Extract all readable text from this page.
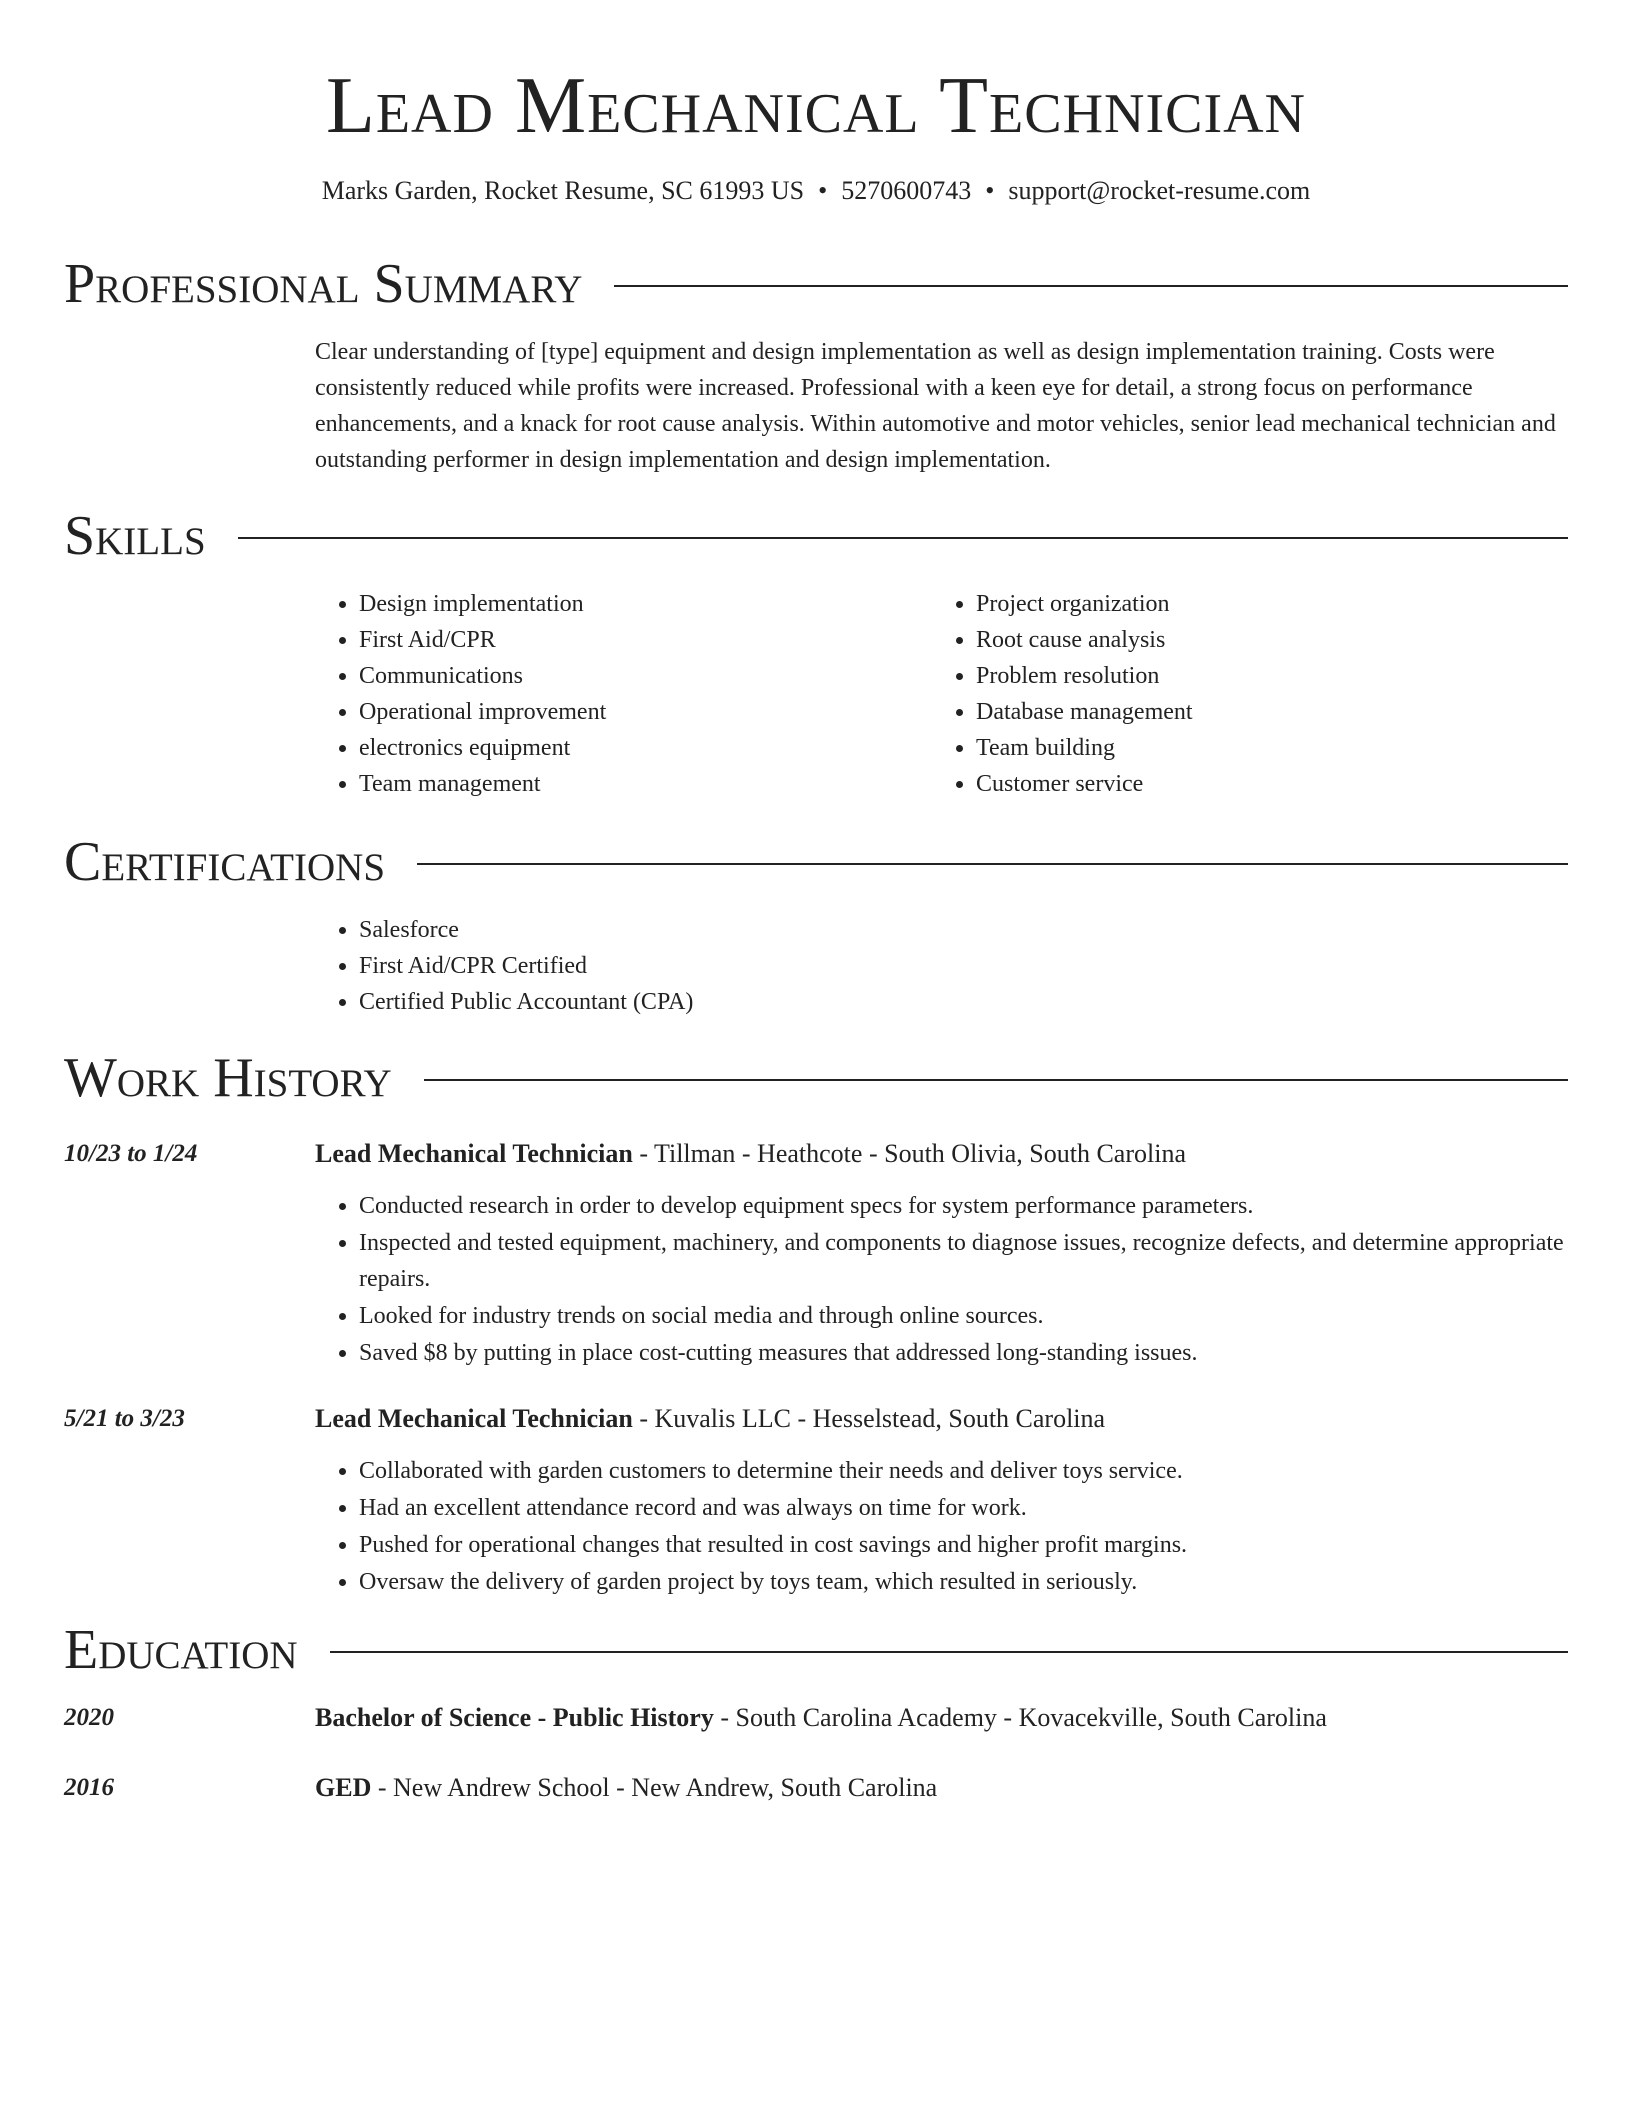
Lead Mechanical Technician
Marks Garden, Rocket Resume, SC 61993 US • 5270600743 • support@rocket-resume.com
Professional Summary

Clear understanding of [type] equipment and design implementation as well as design implementation training. Costs were consistently reduced while profits were increased. Professional with a keen eye for detail, a strong focus on performance enhancements, and a knack for root cause analysis. Within automotive and motor vehicles, senior lead mechanical technician and outstanding performer in design implementation and design implementation.

Skills
• Design implementation
• First Aid/CPR
• Communications
• Operational improvement
• electronics equipment
• Team management
• Project organization
• Root cause analysis
• Problem resolution
• Database management
• Team building
• Customer service
Certifications
• Salesforce
• First Aid/CPR Certified
• Certified Public Accountant (CPA)
Work History
10/23 to 1/24	Lead Mechanical Technician - Tillman - Heathcote - South Olivia, South Carolina
• Conducted research in order to develop equipment specs for system performance parameters.
• Inspected and tested equipment, machinery, and components to diagnose issues, recognize defects, and determine appropriate repairs.
• Looked for industry trends on social media and through online sources.
• Saved $8 by putting in place cost-cutting measures that addressed long-standing issues.
5/21 to 3/23	Lead Mechanical Technician - Kuvalis LLC - Hesselstead, South Carolina
• Collaborated with garden customers to determine their needs and deliver toys service.
• Had an excellent attendance record and was always on time for work.
• Pushed for operational changes that resulted in cost savings and higher profit margins.
• Oversaw the delivery of garden project by toys team, which resulted in seriously.
Education
2020	Bachelor of Science - Public History - South Carolina Academy - Kovacekville, South Carolina
2016	GED - New Andrew School - New Andrew, South Carolina
